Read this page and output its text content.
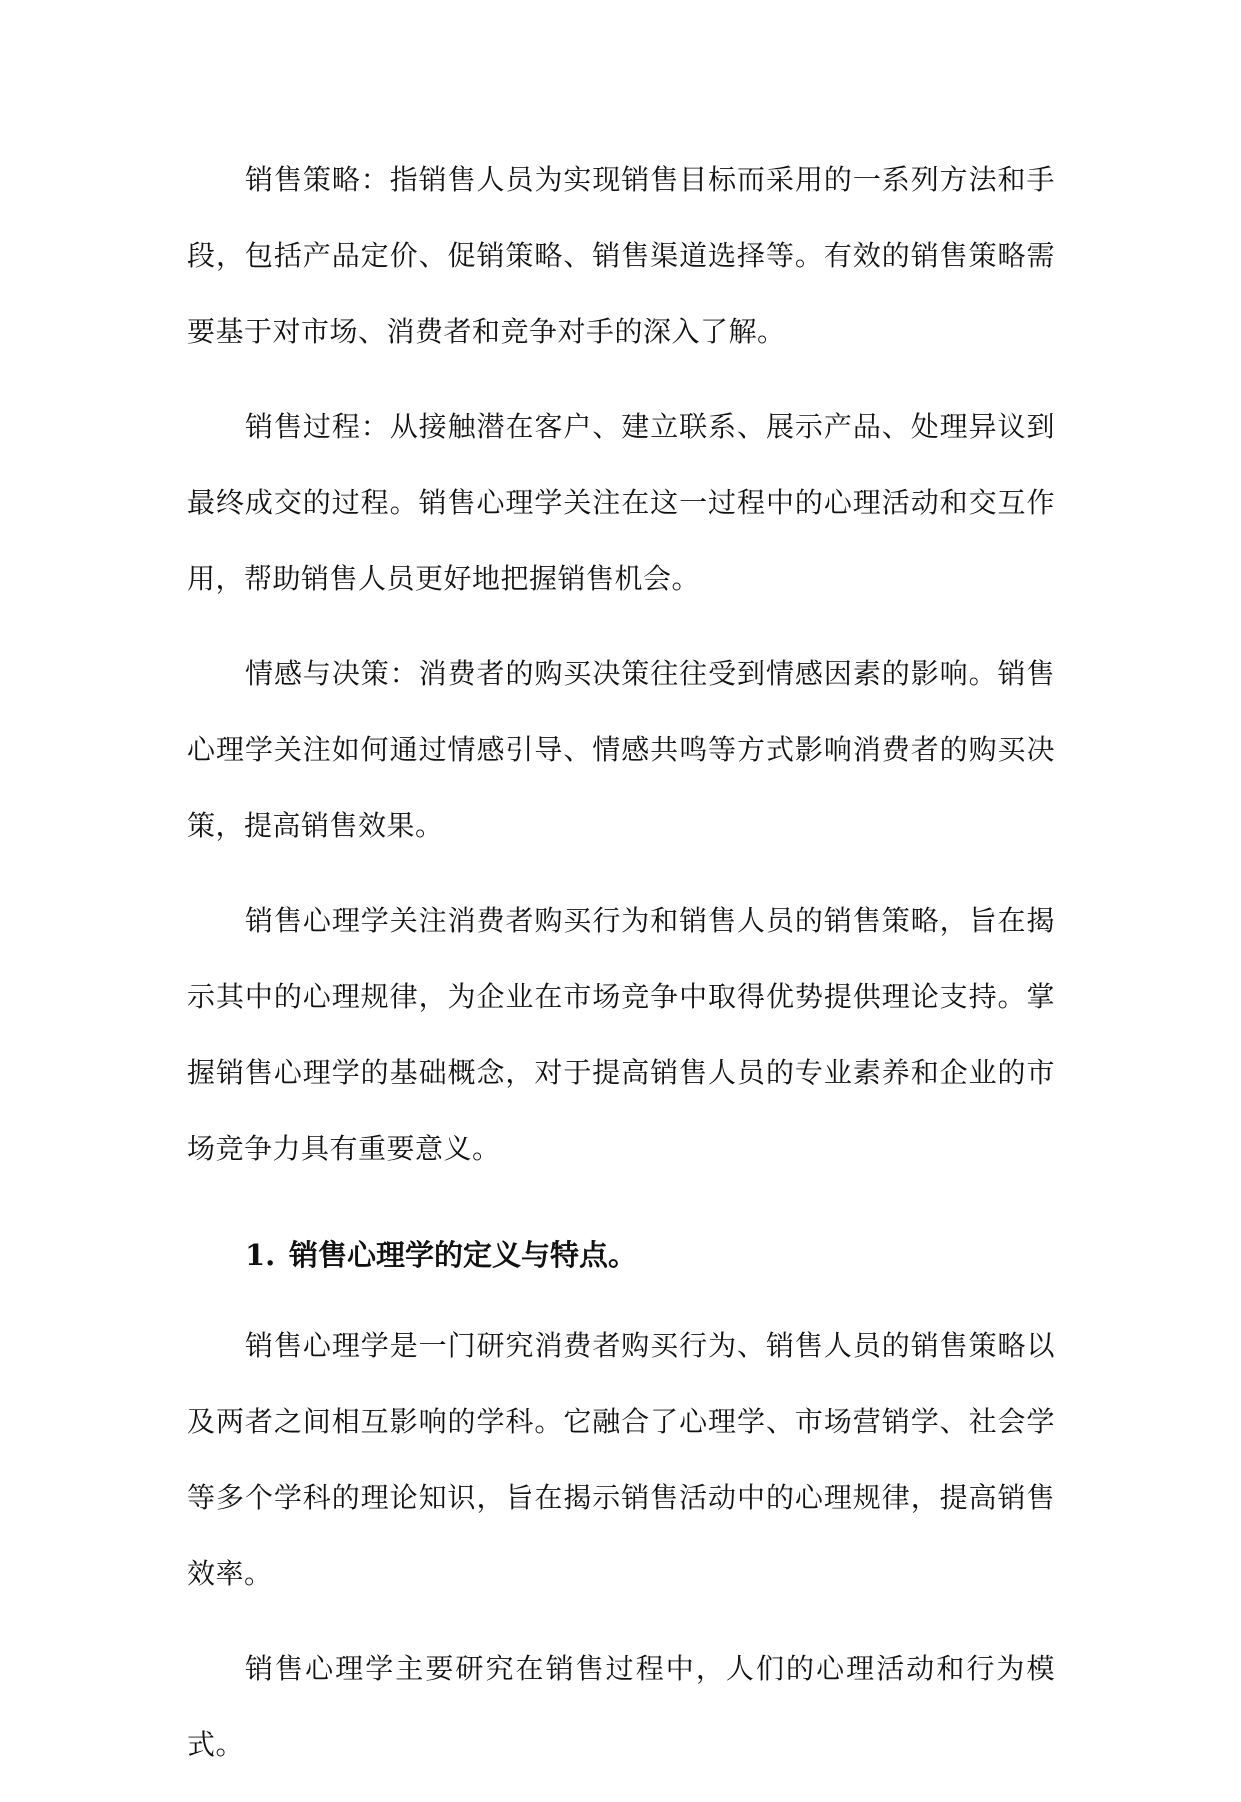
销售策略：指销售人员为实现销售目标而采用的一系列方法和手段，包括产品定价、促销策略、销售渠道选择等。有效的销售策略需要基于对市场、消费者和竞争对手的深入了解。

销售过程：从接触潜在客户、建立联系、展示产品、处理异议到最终成交的过程。销售心理学关注在这一过程中的心理活动和交互作用，帮助销售人员更好地把握销售机会。

情感与决策：消费者的购买决策往往受到情感因素的影响。销售心理学关注如何通过情感引导、情感共鸣等方式影响消费者的购买决策，提高销售效果。

销售心理学关注消费者购买行为和销售人员的销售策略，旨在揭示其中的心理规律，为企业在市场竞争中取得优势提供理论支持。掌握销售心理学的基础概念，对于提高销售人员的专业素养和企业的市场竞争力具有重要意义。

1. 销售心理学的定义与特点。

销售心理学是一门研究消费者购买行为、销售人员的销售策略以及两者之间相互影响的学科。它融合了心理学、市场营销学、社会学等多个学科的理论知识，旨在揭示销售活动中的心理规律，提高销售效率。

销售心理学主要研究在销售过程中，人们的心理活动和行为模式。
